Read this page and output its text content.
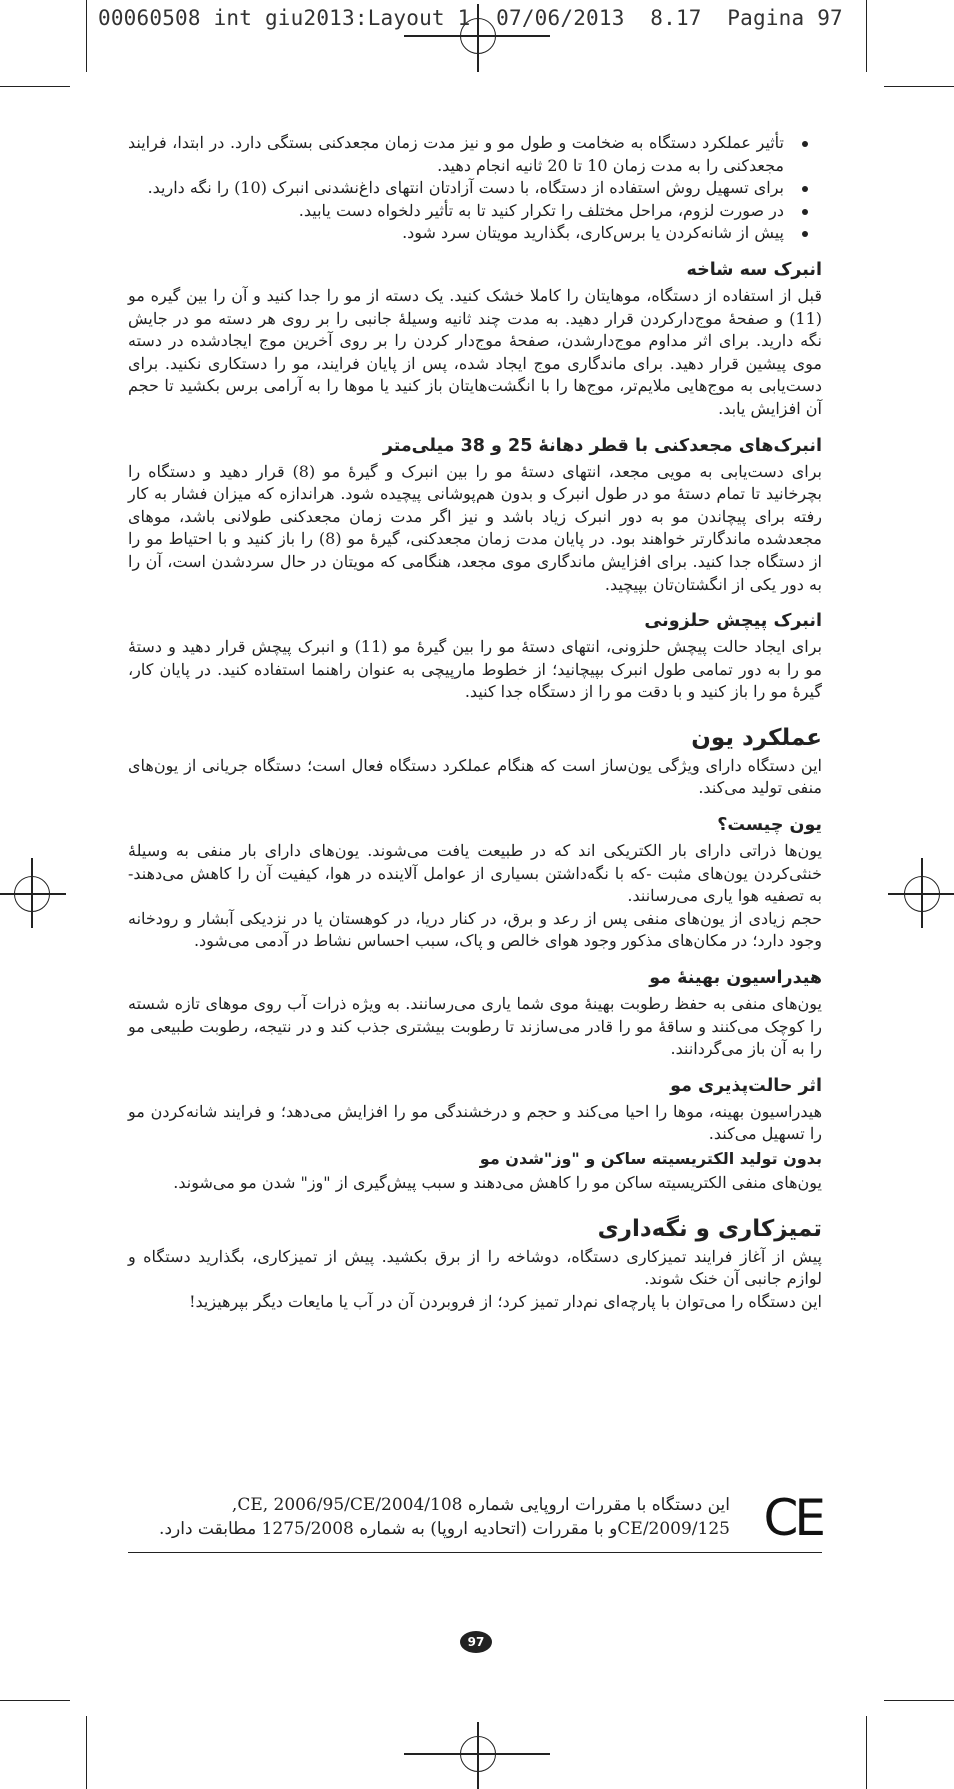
00060508 int giu2013:Layout 1  07/06/2013  8.17  Pagina 97
تأثیر عملکرد دستگاه به ضخامت و طول مو و نیز مدت زمان مجعدکنی بستگی دارد. در ابتدا، فرایند مجعدکنی را به مدت زمان 10 تا 20 ثانیه انجام دهید.
برای تسهیل روش استفاده از دستگاه، با دست آزادتان انتهای داغ‌نشدنی انبرک (10) را نگه دارید.
در صورت لزوم، مراحل مختلف را تکرار کنید تا به تأثیر دلخواه دست یابید.
پیش از شانه‌کردن یا برس‌کاری، بگذارید مویتان سرد شود.
انبرک سه شاخه

قبل از استفاده از دستگاه، موهایتان را کاملا خشک کنید. یک دسته از مو را جدا کنید و آن را بین گیره مو (11) و صفحهٔ موج‌دارکردن قرار دهید. به مدت چند ثانیه وسیلهٔ جانبی را بر روی هر دسته مو در جایش نگه دارید. برای اثر مداوم موج‌دارشدن، صفحهٔ موج‌دار کردن را بر روی آخرین موج ایجادشده در دسته موی پیشین قرار دهید. برای ماندگاری موج ایجاد شده، پس از پایان فرایند، مو را دستکاری نکنید. برای دست‌یابی به موج‌هایی ملایم‌تر، موج‌ها را با انگشت‌هایتان باز کنید یا موها را به آرامی برس بکشید تا حجم آن افزایش یابد.

انبرک‌های مجعدکنی با قطر دهانهٔ 25 و 38 میلی‌متر

برای دست‌یابی به مویی مجعد، انتهای دستهٔ مو را بین انبرک و گیرهٔ مو (8) قرار دهید و دستگاه را بچرخانید تا تمام دستهٔ مو در طول انبرک و بدون هم‌پوشانی پیچیده شود. هراندازه که میزان فشار به کار رفته برای پیچاندن مو به دور انبرک زیاد باشد و نیز اگر مدت زمان مجعدکنی طولانی باشد، موهای مجعدشده ماندگارتر خواهند بود. در پایان مدت زمان مجعدکنی، گیرهٔ مو (8) را باز کنید و با احتیاط مو را از دستگاه جدا کنید. برای افزایش ماندگاری موی مجعد، هنگامی که مویتان در حال سردشدن است، آن را به دور یکی از انگشتان‌تان بپیچید.

انبرک پیچش حلزونی

برای ایجاد حالت پیچش حلزونی، انتهای دستهٔ مو را بین گیرهٔ مو (11) و انبرک پیچش قرار دهید و دستهٔ مو را به دور تمامی طول انبرک بپیچانید؛ از خطوط مارپیچی به عنوان راهنما استفاده کنید. در پایان کار، گیرهٔ مو را باز کنید و با دقت مو را از دستگاه جدا کنید.

عملکرد یون

این دستگاه دارای ویژگی یون‌ساز است که هنگام عملکرد دستگاه فعال است؛ دستگاه جریانی از یون‌های منفی تولید می‌کند.

یون چیست؟

یون‌ها ذراتی دارای بار الکتریکی اند که در طبیعت یافت می‌شوند. یون‌های دارای بار منفی به وسیلهٔ خنثی‌کردن یون‌های مثبت -که با نگه‌داشتن بسیاری از عوامل آلاینده در هوا، کیفیت آن را کاهش می‌دهند- به تصفیه هوا یاری می‌رسانند.

حجم زیادی از یون‌های منفی پس از رعد و برق، در کنار دریا، در کوهستان یا در نزدیکی آبشار و رودخانه وجود دارد؛ در مکان‌های مذکور وجود هوای خالص و پاک، سبب احساس نشاط در آدمی می‌شود.

هیدراسیون بهینهٔ مو

یون‌های منفی به حفظ رطوبت بهینهٔ موی شما یاری می‌رسانند. به ویژه ذرات آب روی موهای تازه شسته را کوچک می‌کنند و ساقهٔ مو را قادر می‌سازند تا رطوبت بیشتری جذب کند و در نتیجه، رطوبت طبیعی مو را به آن باز می‌گردانند.

اثر حالت‌پذیری مو

هیدراسیون بهینه، موها را احیا می‌کند و حجم و درخشندگی مو را افزایش می‌دهد؛ و فرایند شانه‌کردن مو را تسهیل می‌کند.

بدون تولید الکتریسیته ساکن و "وز"شدن مو

یون‌های منفی الکتریسیته ساکن مو را کاهش می‌دهند و سبب پیش‌گیری از "وز" شدن مو می‌شوند.

تمیزکاری و نگه‌داری

پیش از آغاز فرایند تمیزکاری دستگاه، دوشاخه را از برق بکشید. پیش از تمیزکاری، بگذارید دستگاه و لوازم جانبی آن خنک شوند.

این دستگاه را می‌توان با پارچه‌ای نم‌دار تمیز کرد؛ از فروبردن آن در آب یا مایعات دیگر بپرهیزید!

CE
این دستگاه با مقررات اروپایی شماره 2004/108/CE, 2006/95/CE,
2009/125/CEو با مقررات (اتحادیه اروپا) به شماره 1275/2008 مطابقت دارد.
97
